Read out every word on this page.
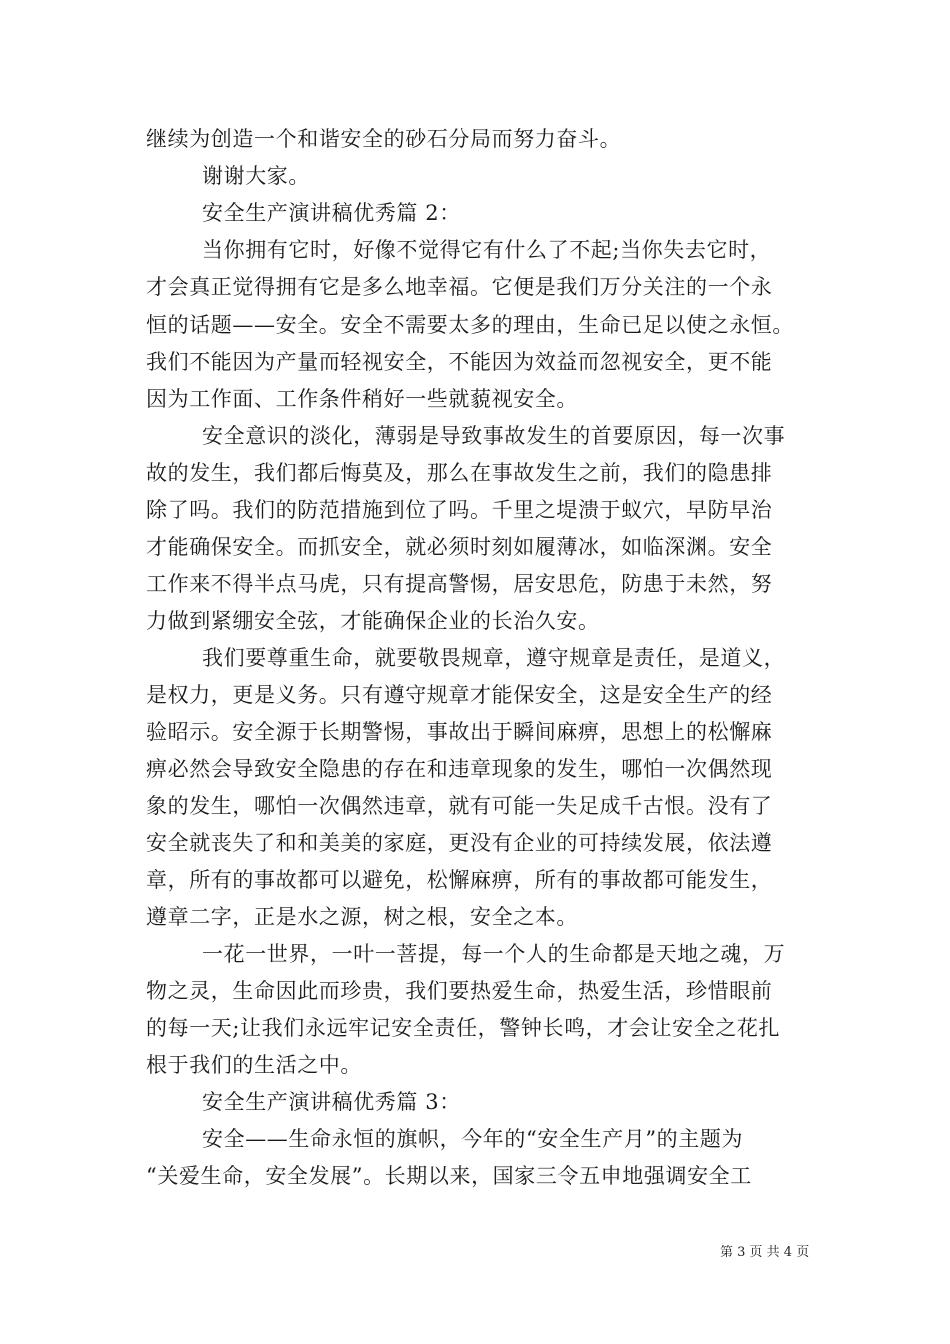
继续为创造一个和谐安全的砂石分局而努力奋斗。
谢谢大家。
安全生产演讲稿优秀篇 2：
当你拥有它时，好像不觉得它有什么了不起;当你失去它时，
才会真正觉得拥有它是多么地幸福。它便是我们万分关注的一个永
恒的话题——安全。安全不需要太多的理由，生命已足以使之永恒。
我们不能因为产量而轻视安全，不能因为效益而忽视安全，更不能
因为工作面、工作条件稍好一些就藐视安全。
安全意识的淡化，薄弱是导致事故发生的首要原因，每一次事
故的发生，我们都后悔莫及，那么在事故发生之前，我们的隐患排
除了吗。我们的防范措施到位了吗。千里之堤溃于蚁穴，早防早治
才能确保安全。而抓安全，就必须时刻如履薄冰，如临深渊。安全
工作来不得半点马虎，只有提高警惕，居安思危，防患于未然，努
力做到紧绷安全弦，才能确保企业的长治久安。
我们要尊重生命，就要敬畏规章，遵守规章是责任，是道义，
是权力，更是义务。只有遵守规章才能保安全，这是安全生产的经
验昭示。安全源于长期警惕，事故出于瞬间麻痹，思想上的松懈麻
痹必然会导致安全隐患的存在和违章现象的发生，哪怕一次偶然现
象的发生，哪怕一次偶然违章，就有可能一失足成千古恨。没有了
安全就丧失了和和美美的家庭，更没有企业的可持续发展，依法遵
章，所有的事故都可以避免，松懈麻痹，所有的事故都可能发生，
遵章二字，正是水之源，树之根，安全之本。
一花一世界，一叶一菩提，每一个人的生命都是天地之魂，万
物之灵，生命因此而珍贵，我们要热爱生命，热爱生活，珍惜眼前
的每一天;让我们永远牢记安全责任，警钟长鸣，才会让安全之花扎
根于我们的生活之中。
安全生产演讲稿优秀篇 3：
安全——生命永恒的旗帜，今年的“安全生产月”的主题为
“关爱生命，安全发展”。长期以来，国家三令五申地强调安全工
第 3 页 共 4 页
